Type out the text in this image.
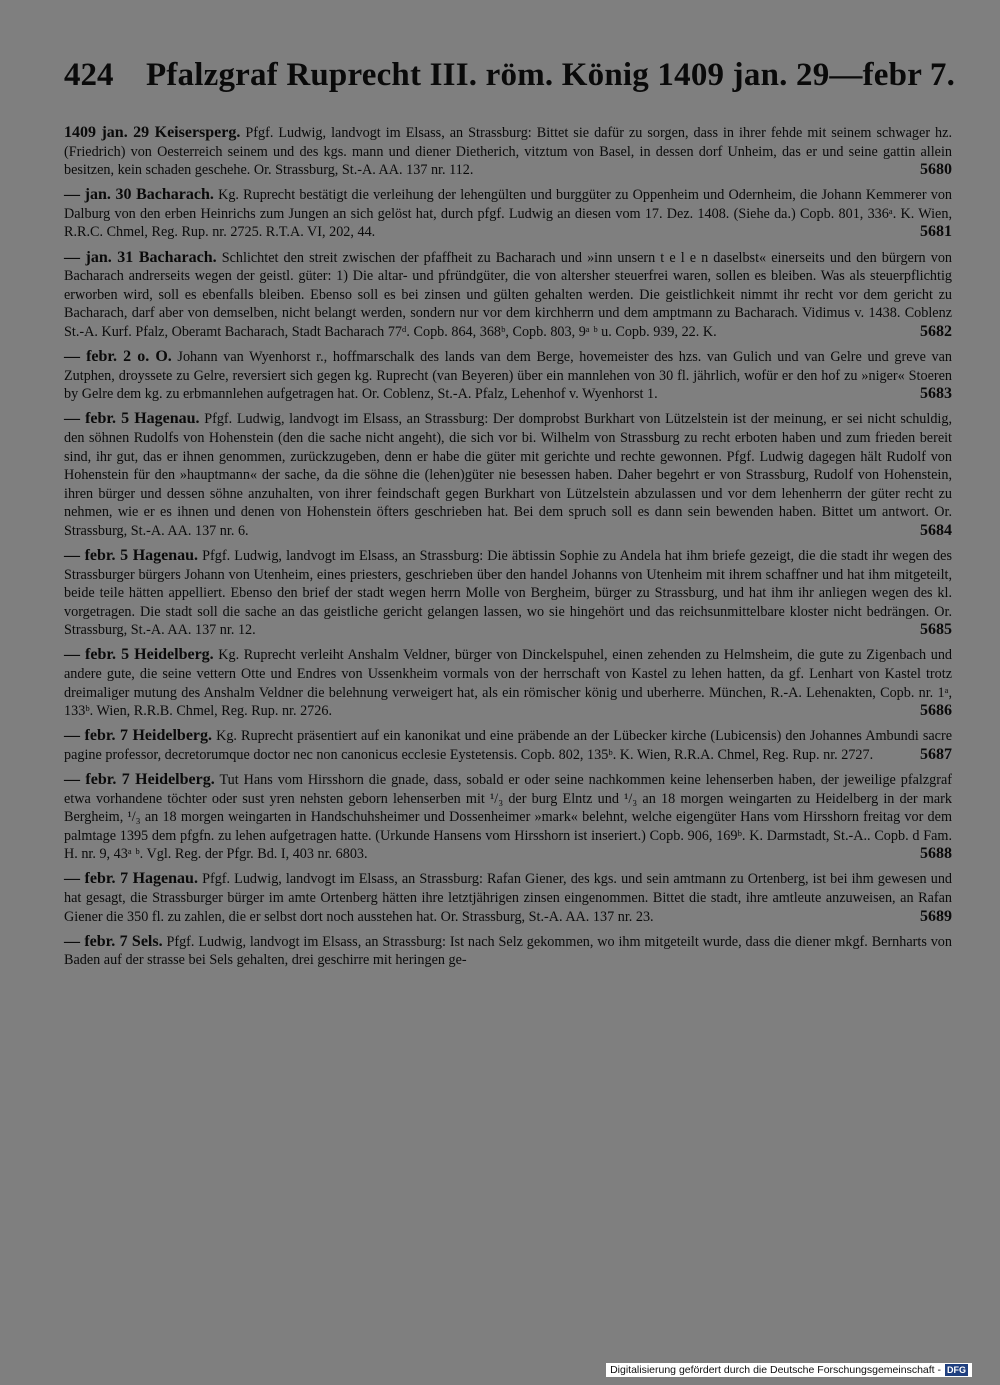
424 Pfalzgraf Ruprecht III. röm. König 1409 jan. 29—febr 7.
1409 jan. 29 Keisersperg. Pfgf. Ludwig, landvogt im Elsass, an Strassburg: Bittet sie dafür zu sorgen, dass in ihrer fehde mit seinem schwager hz. (Friedrich) von Oesterreich seinem und des kgs. mann und diener Dietherich, vitztum von Basel, in dessen dorf Unheim, das er und seine gattin allein besitzen, kein schaden geschehe. Or. Strassburg, St.-A. AA. 137 nr. 112.	5680
— jan. 30 Bacharach. Kg. Ruprecht bestätigt die verleihung der lehengülten und burggüter zu Oppenheim und Odernheim, die Johann Kemmerer von Dalburg von den erben Heinrichs zum Jungen an sich gelöst hat, durch pfgf. Ludwig an diesen vom 17. Dez. 1408. (Siehe da.) Copb. 801, 336ᵃ. K. Wien, R.R.C. Chmel, Reg. Rup. nr. 2725. R.T.A. VI, 202, 44.	5681
— jan. 31 Bacharach. Schlichtet den streit zwischen der pfaffheit zu Bacharach und »inn unsern t e l e n daselbst« einerseits und den bürgern von Bacharach andrerseits wegen der geistl. güter: 1) Die altar- und pfründgüter, die von altersher steuerfrei waren, sollen es bleiben. Was als steuerpflichtig erworben wird, soll es ebenfalls bleiben. Ebenso soll es bei zinsen und gülten gehalten werden. Die geistlichkeit nimmt ihr recht vor dem gericht zu Bacharach, darf aber von demselben, nicht belangt werden, sondern nur vor dem kirchherrn und dem amptmann zu Bacharach. Vidimus v. 1438. Coblenz St.-A. Kurf. Pfalz, Oberamt Bacharach, Stadt Bacharach 77ᵈ. Copb. 864, 368ᵇ, Copb. 803, 9ᵃ ᵇ u. Copb. 939, 22. K.	5682
— febr. 2 o. O. Johann van Wyenhorst r., hoffmarschalk des lands van dem Berge, hovemeister des hzs. van Gulich und van Gelre und greve van Zutphen, droyssete zu Gelre, reversiert sich gegen kg. Ruprecht (van Beyeren) über ein mannlehen von 30 fl. jährlich, wofür er den hof zu »niger« Stoeren by Gelre dem kg. zu erbmannlehen aufgetragen hat. Or. Coblenz, St.-A. Pfalz, Lehenhof v. Wyenhorst 1.	5683
— febr. 5 Hagenau. Pfgf. Ludwig, landvogt im Elsass, an Strassburg: Der domprobst Burkhart von Lützelstein ist der meinung, er sei nicht schuldig, den söhnen Rudolfs von Hohenstein (den die sache nicht angeht), die sich vor bi. Wilhelm von Strassburg zu recht erboten haben und zum frieden bereit sind, ihr gut, das er ihnen genommen, zurückzugeben, denn er habe die güter mit gerichte und rechte gewonnen. Pfgf. Ludwig dagegen hält Rudolf von Hohenstein für den »hauptmann« der sache, da die söhne die (lehen)güter nie besessen haben. Daher begehrt er von Strassburg, Rudolf von Hohenstein, ihren bürger und dessen söhne anzuhalten, von ihrer feindschaft gegen Burkhart von Lützelstein abzulassen und vor dem lehenherrn der güter recht zu nehmen, wie er es ihnen und denen von Hohenstein öfters geschrieben hat. Bei dem spruch soll es dann sein bewenden haben. Bittet um antwort. Or. Strassburg, St.-A. AA. 137 nr. 6.	5684
— febr. 5 Hagenau. Pfgf. Ludwig, landvogt im Elsass, an Strassburg: Die äbtissin Sophie zu Andela hat ihm briefe gezeigt, die die stadt ihr wegen des Strassburger bürgers Johann von Utenheim, eines priesters, geschrieben über den handel Johanns von Utenheim mit ihrem schaffner und hat ihm mitgeteilt, beide teile hätten appelliert. Ebenso den brief der stadt wegen herrn Molle von Bergheim, bürger zu Strassburg, und hat ihm ihr anliegen wegen des kl. vorgetragen. Die stadt soll die sache an das geistliche gericht gelangen lassen, wo sie hingehört und das reichsunmittelbare kloster nicht bedrängen. Or. Strassburg, St.-A. AA. 137 nr. 12.	5685
— febr. 5 Heidelberg. Kg. Ruprecht verleiht Anshalm Veldner, bürger von Dinckelspuhel, einen zehenden zu Helmsheim, die gute zu Zigenbach und andere gute, die seine vettern Otte und Endres von Ussenkheim vormals von der herrschaft von Kastel zu lehen hatten, da gf. Lenhart von Kastel trotz dreimaliger mutung des Anshalm Veldner die belehnung verweigert hat, als ein römischer könig und uberherre. München, R.-A. Lehenakten, Copb. nr. 1ᵃ, 133ᵇ. Wien, R.R.B. Chmel, Reg. Rup. nr. 2726.	5686
— febr. 7 Heidelberg. Kg. Ruprecht präsentiert auf ein kanonikat und eine präbende an der Lübecker kirche (Lubicensis) den Johannes Ambundi sacre pagine professor, decretorumque doctor nec non canonicus ecclesie Eystetensis. Copb. 802, 135ᵇ. K. Wien, R.R.A. Chmel, Reg. Rup. nr. 2727.	5687
— febr. 7 Heidelberg. Tut Hans vom Hirsshorn die gnade, dass, sobald er oder seine nachkommen keine lehenserben haben, der jeweilige pfalzgraf etwa vorhandene töchter oder sust yren nehsten geborn lehenserben mit ¹/₃ der burg Elntz und ¹/₃ an 18 morgen weingarten zu Heidelberg in der mark Bergheim, ¹/₃ an 18 morgen weingarten in Handschuhsheimer und Dossenheimer »mark« belehnt, welche eigengüter Hans vom Hirsshorn freitag vor dem palmtage 1395 dem pfgfn. zu lehen aufgetragen hatte. (Urkunde Hansens vom Hirsshorn ist inseriert.) Copb. 906, 169ᵇ. K. Darmstadt, St.-A.. Copb. d Fam. H. nr. 9, 43ᵃ ᵇ. Vgl. Reg. der Pfgr. Bd. I, 403 nr. 6803.	5688
— febr. 7 Hagenau. Pfgf. Ludwig, landvogt im Elsass, an Strassburg: Rafan Giener, des kgs. und sein amtmann zu Ortenberg, ist bei ihm gewesen und hat gesagt, die Strassburger bürger im amte Ortenberg hätten ihre letztjährigen zinsen eingenommen. Bittet die stadt, ihre amtleute anzuweisen, an Rafan Giener die 350 fl. zu zahlen, die er selbst dort noch ausstehen hat. Or. Strassburg, St.-A. AA. 137 nr. 23.	5689
— febr. 7 Sels. Pfgf. Ludwig, landvogt im Elsass, an Strassburg: Ist nach Selz gekommen, wo ihm mitgeteilt wurde, dass die diener mkgf. Bernharts von Baden auf der strasse bei Sels gehalten, drei geschirre mit heringen ge-
Digitalisierung gefördert durch die Deutsche Forschungsgemeinschaft - DFG
